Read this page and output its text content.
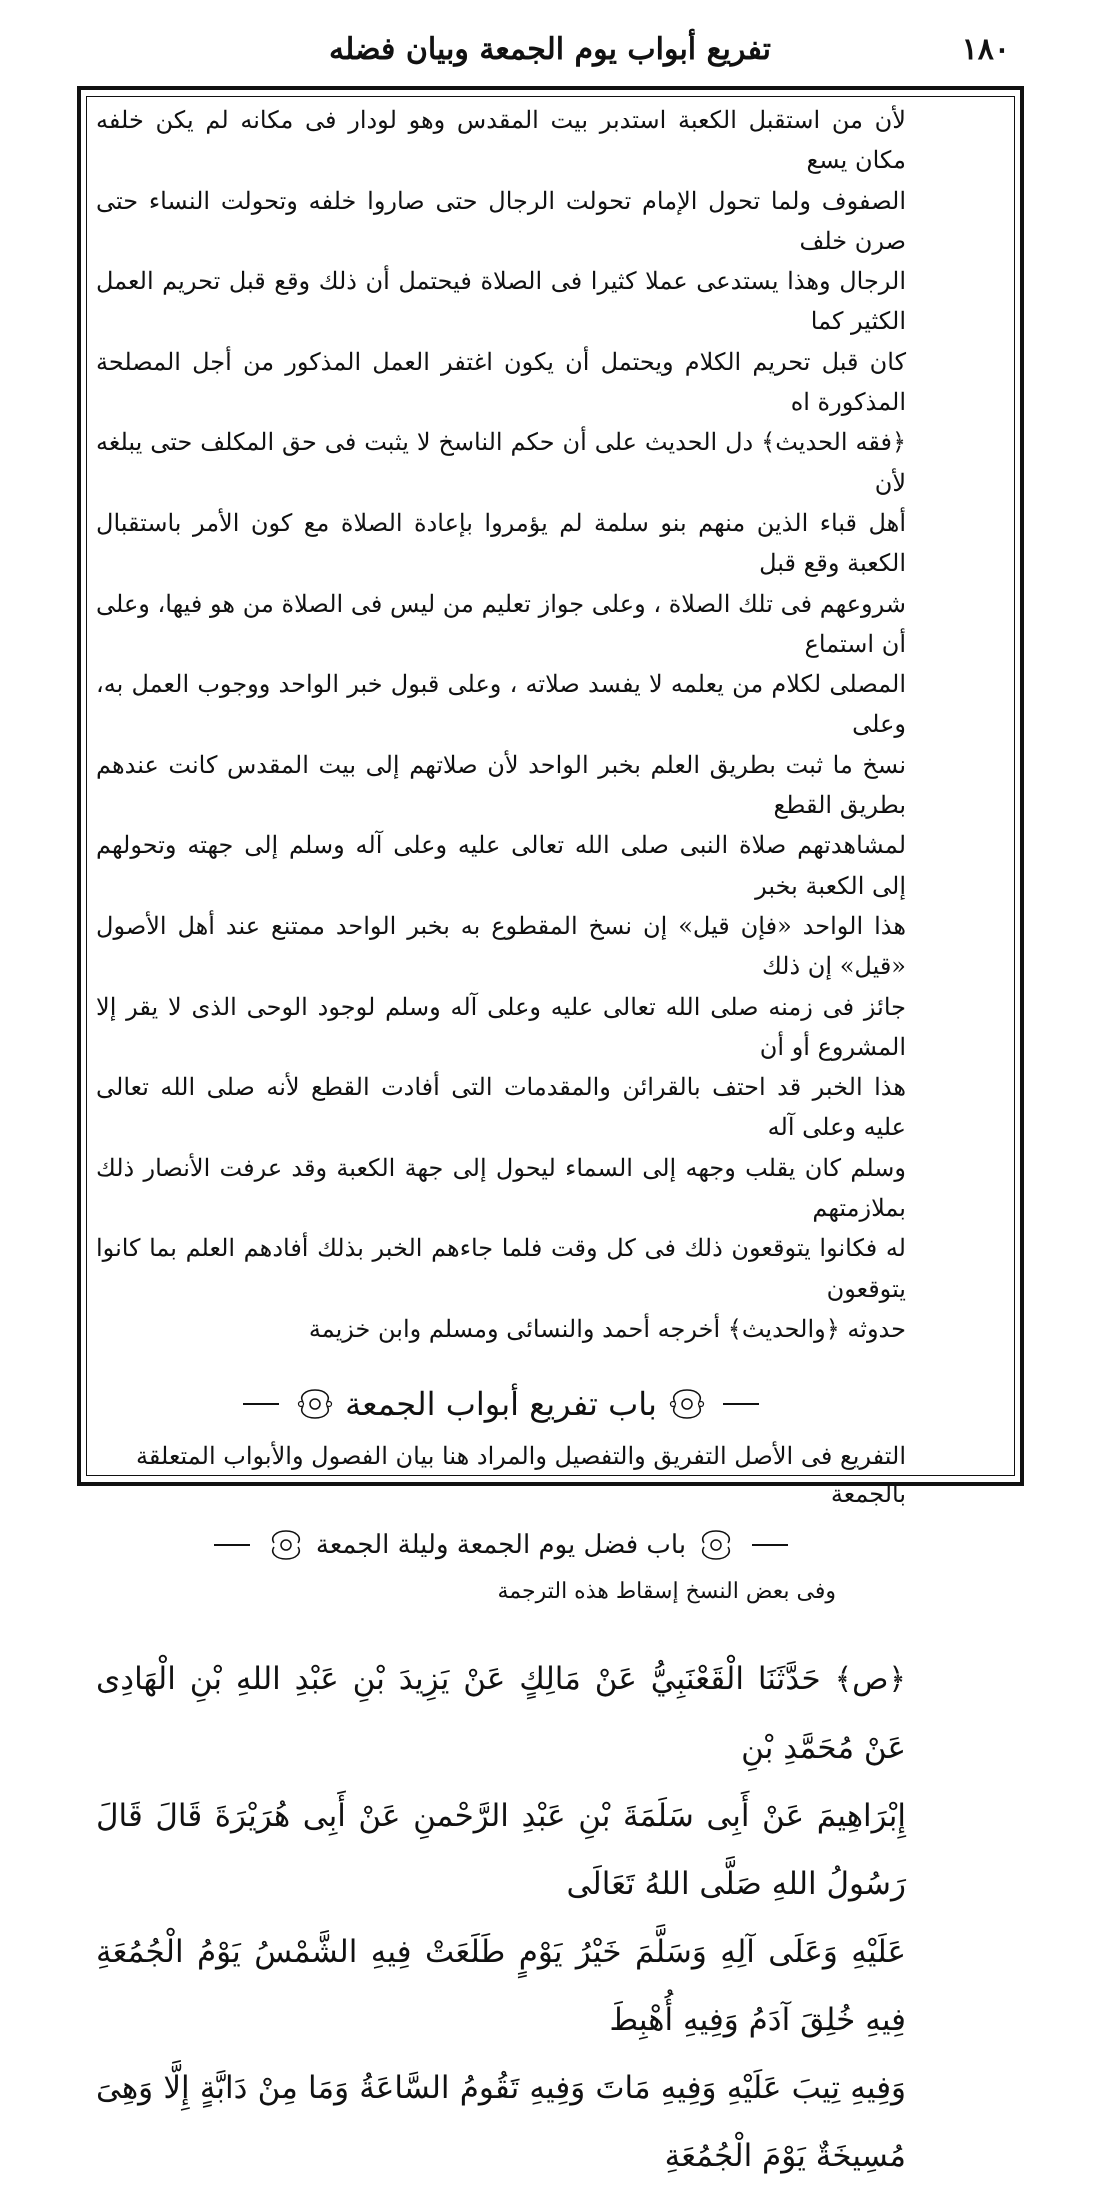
١٨٠
تفريع أبواب يوم الجمعة وبيان فضله

لأن من استقبل الكعبة استدبر بيت المقدس وهو لودار فى مكانه لم يكن خلفه مكان يسع

الصفوف ولما تحول الإمام تحولت الرجال حتى صاروا خلفه وتحولت النساء حتى صرن خلف

الرجال وهذا يستدعى عملا كثيرا فى الصلاة فيحتمل أن ذلك وقع قبل تحريم العمل الكثير كما

كان قبل تحريم الكلام ويحتمل أن يكون اغتفر العمل المذكور من أجل المصلحة المذكورة اه

﴿فقه الحديث﴾ دل الحديث على أن حكم الناسخ لا يثبت فى حق المكلف حتى يبلغه لأن

أهل قباء الذين منهم بنو سلمة لم يؤمروا بإعادة الصلاة مع كون الأمر باستقبال الكعبة وقع قبل

شروعهم فى تلك الصلاة ، وعلى جواز تعليم من ليس فى الصلاة من هو فيها، وعلى أن استماع

المصلى لكلام من يعلمه لا يفسد صلاته ، وعلى قبول خبر الواحد ووجوب العمل به، وعلى

نسخ ما ثبت بطريق العلم بخبر الواحد لأن صلاتهم إلى بيت المقدس كانت عندهم بطريق القطع

لمشاهدتهم صلاة النبى صلى الله تعالى عليه وعلى آله وسلم إلى جهته وتحولهم إلى الكعبة بخبر

هذا الواحد «فإن قيل» إن نسخ المقطوع به بخبر الواحد ممتنع عند أهل الأصول «قيل» إن ذلك

جائز فى زمنه صلى الله تعالى عليه وعلى آله وسلم لوجود الوحى الذى لا يقر إلا المشروع أو أن

هذا الخبر قد احتف بالقرائن والمقدمات التى أفادت القطع لأنه صلى الله تعالى عليه وعلى آله

وسلم كان يقلب وجهه إلى السماء ليحول إلى جهة الكعبة وقد عرفت الأنصار ذلك بملازمتهم

له فكانوا يتوقعون ذلك فى كل وقت فلما جاءهم الخبر بذلك أفادهم العلم بما كانوا يتوقعون

حدوثه ﴿والحديث﴾ أخرجه أحمد والنسائى ومسلم وابن خزيمة

باب تفريع أبواب الجمعة
التفريع فى الأصل التفريق والتفصيل والمراد هنا بيان الفصول والأبواب المتعلقة بالجمعة
باب فضل يوم الجمعة وليلة الجمعة
وفى بعض النسخ إسقاط هذه الترجمة

﴿ص﴾ حَدَّثَنَا الْقَعْنَبِيُّ عَنْ مَالِكٍ عَنْ يَزِيدَ بْنِ عَبْدِ اللهِ بْنِ الْهَادِى عَنْ مُحَمَّدِ بْنِ

إِبْرَاهِيمَ عَنْ أَبِى سَلَمَةَ بْنِ عَبْدِ الرَّحْمنِ عَنْ أَبِى هُرَيْرَةَ قَالَ قَالَ رَسُولُ اللهِ صَلَّى اللهُ تَعَالَى

عَلَيْهِ وَعَلَى آلِهِ وَسَلَّمَ خَيْرُ يَوْمٍ طَلَعَتْ فِيهِ الشَّمْسُ يَوْمُ الْجُمُعَةِ فِيهِ خُلِقَ آدَمُ وَفِيهِ أُهْبِطَ

وَفِيهِ تِيبَ عَلَيْهِ وَفِيهِ مَاتَ وَفِيهِ تَقُومُ السَّاعَةُ وَمَا مِنْ دَابَّةٍ إِلَّا وَهِىَ مُسِيخَةٌ يَوْمَ الْجُمُعَةِ
